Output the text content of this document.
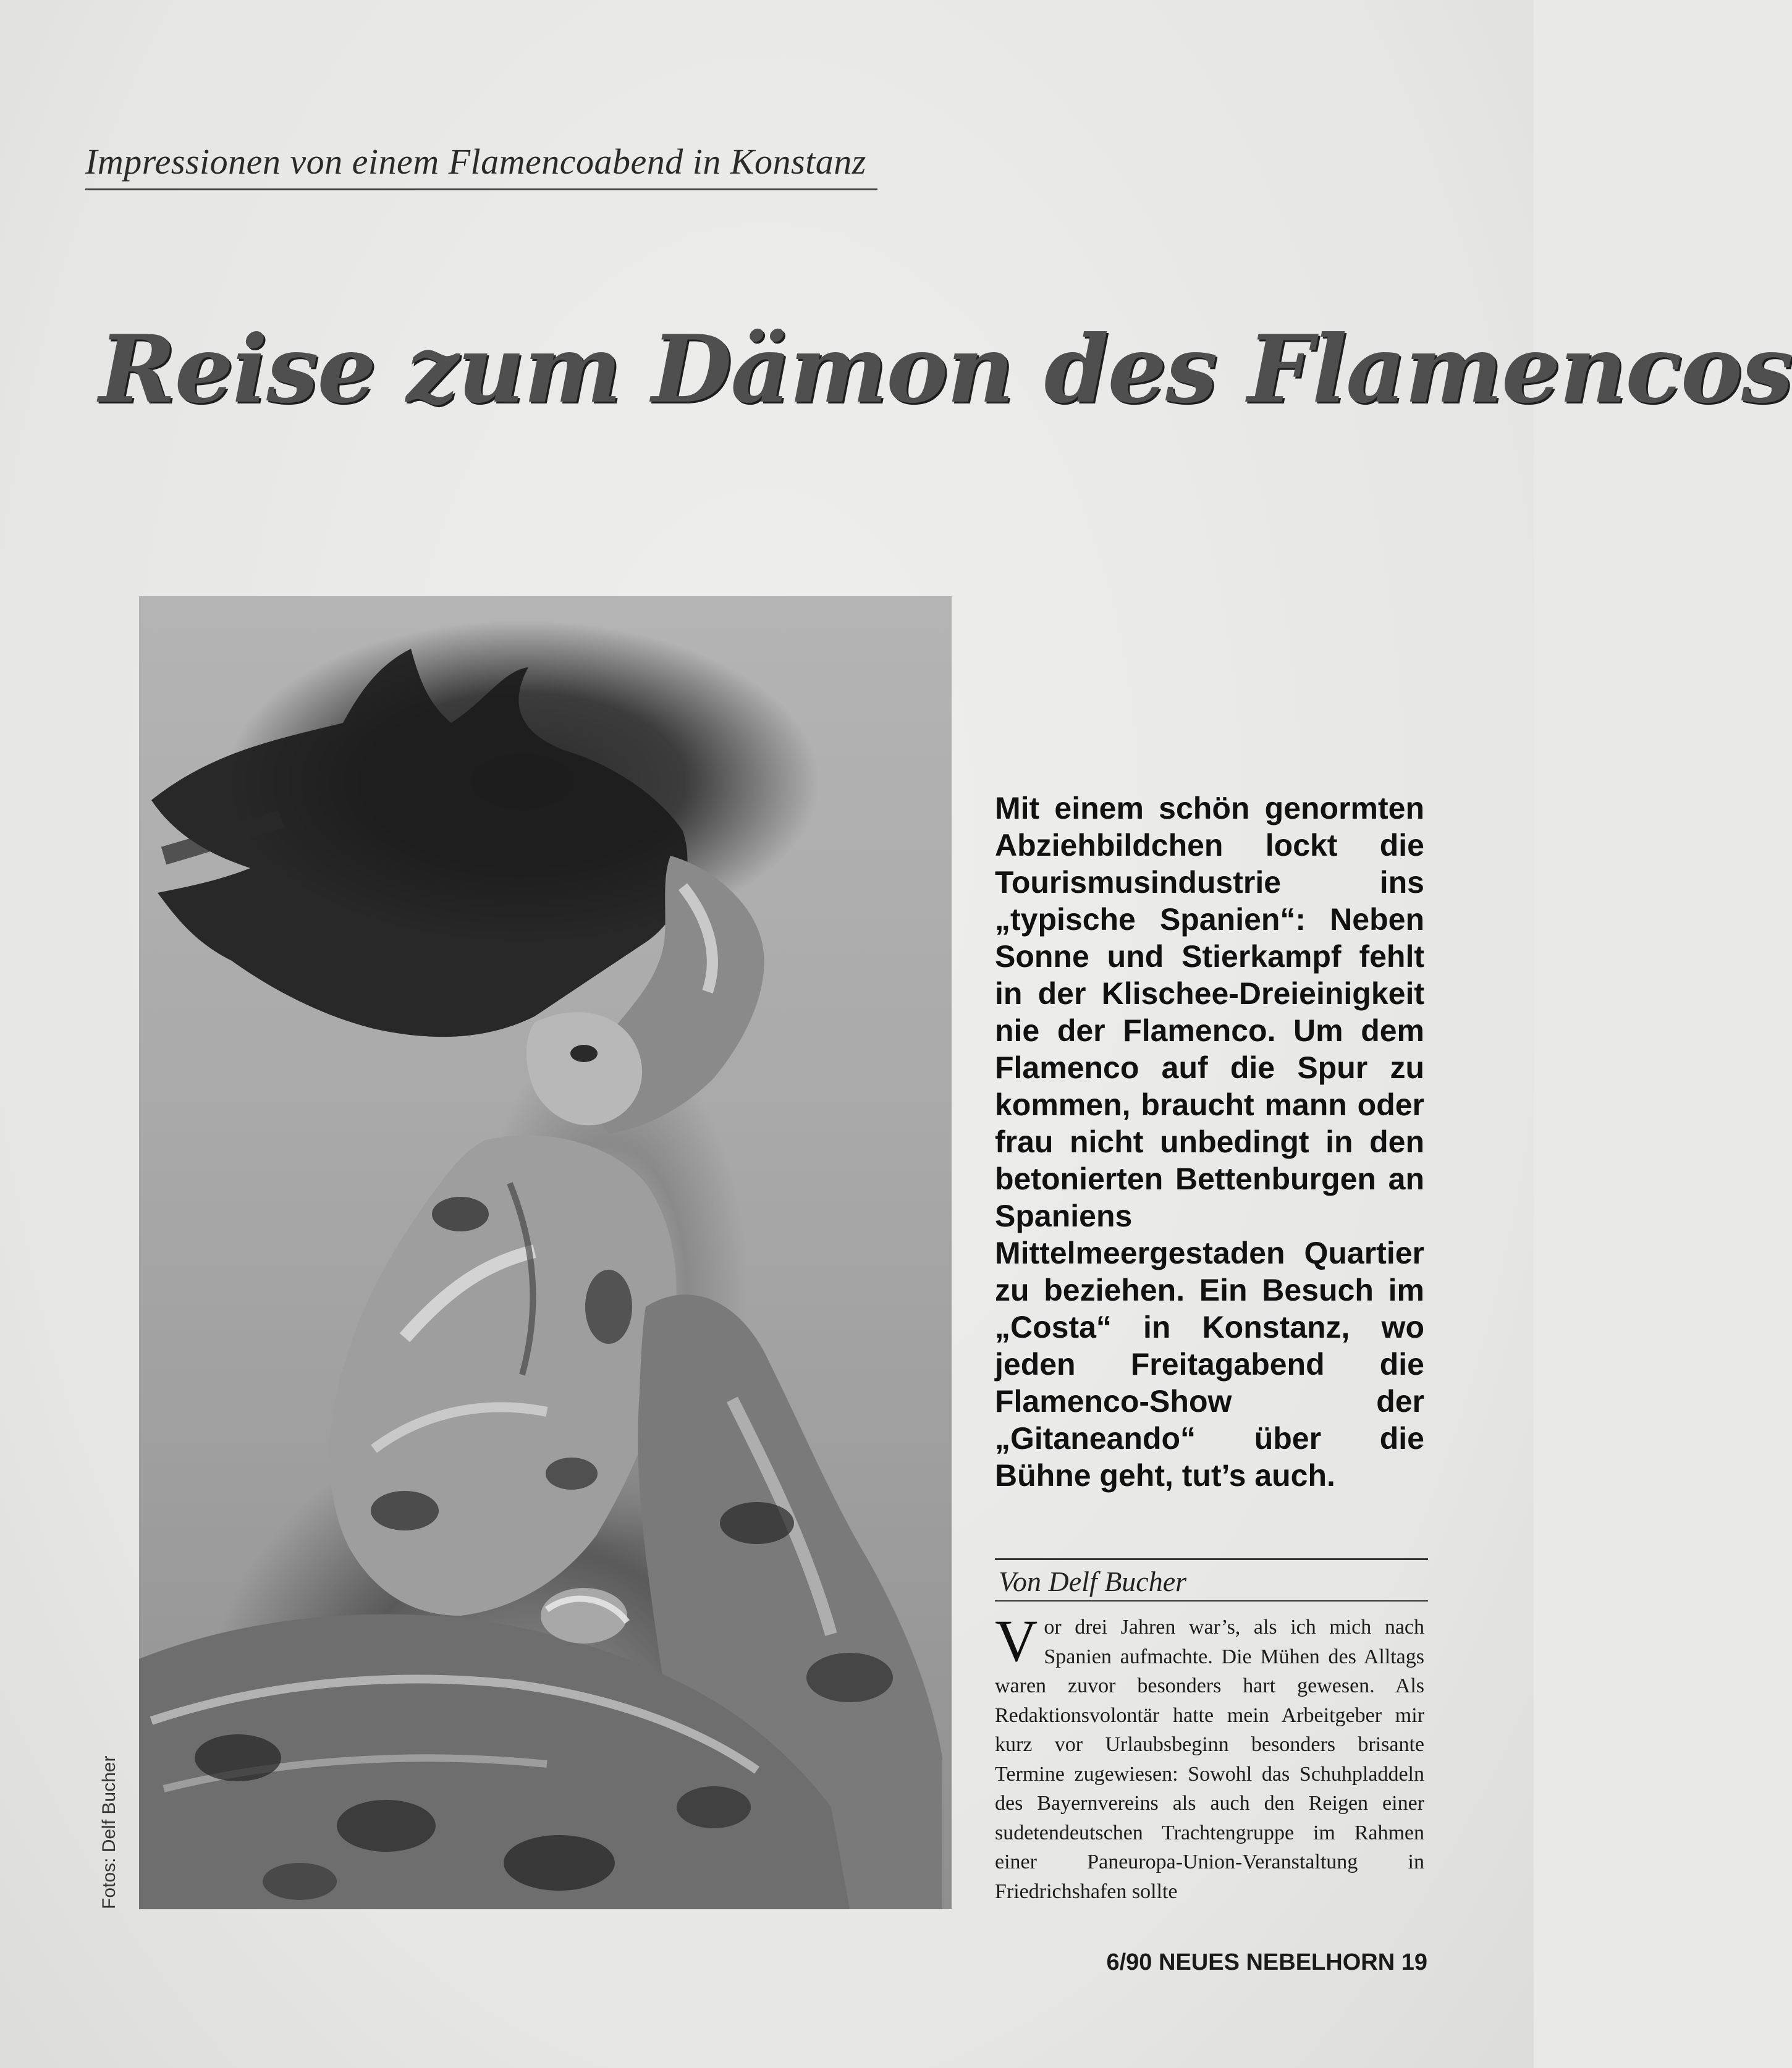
Impressionen von einem Flamencoabend in Konstanz
Reise zum Dämon des Flamencos
Fotos: Delf Bucher
Mit einem schön genormten Abziehbildchen lockt die Tourismusindustrie ins „typische Spanien“: Neben Sonne und Stierkampf fehlt in der Klischee-Dreieinigkeit nie der Flamenco. Um dem Flamenco auf die Spur zu kommen, braucht mann oder frau nicht unbedingt in den betonierten Bettenburgen an Spaniens Mittelmeergestaden Quartier zu beziehen. Ein Besuch im „Costa“ in Konstanz, wo jeden Freitagabend die Flamenco-Show der „Gitaneando“ über die Bühne geht, tut’s auch.
Von Delf Bucher
Vor drei Jahren war’s, als ich mich nach Spanien aufmachte. Die Mühen des Alltags waren zuvor besonders hart gewesen. Als Redaktionsvolontär hatte mein Arbeitgeber mir kurz vor Urlaubsbeginn besonders brisante Termine zugewiesen: Sowohl das Schuhpladdeln des Bayernvereins als auch den Reigen einer sudetendeutschen Trachtengruppe im Rahmen einer Paneuropa-Union-Veranstaltung in Friedrichshafen sollte
6/90 NEUES NEBELHORN 19
